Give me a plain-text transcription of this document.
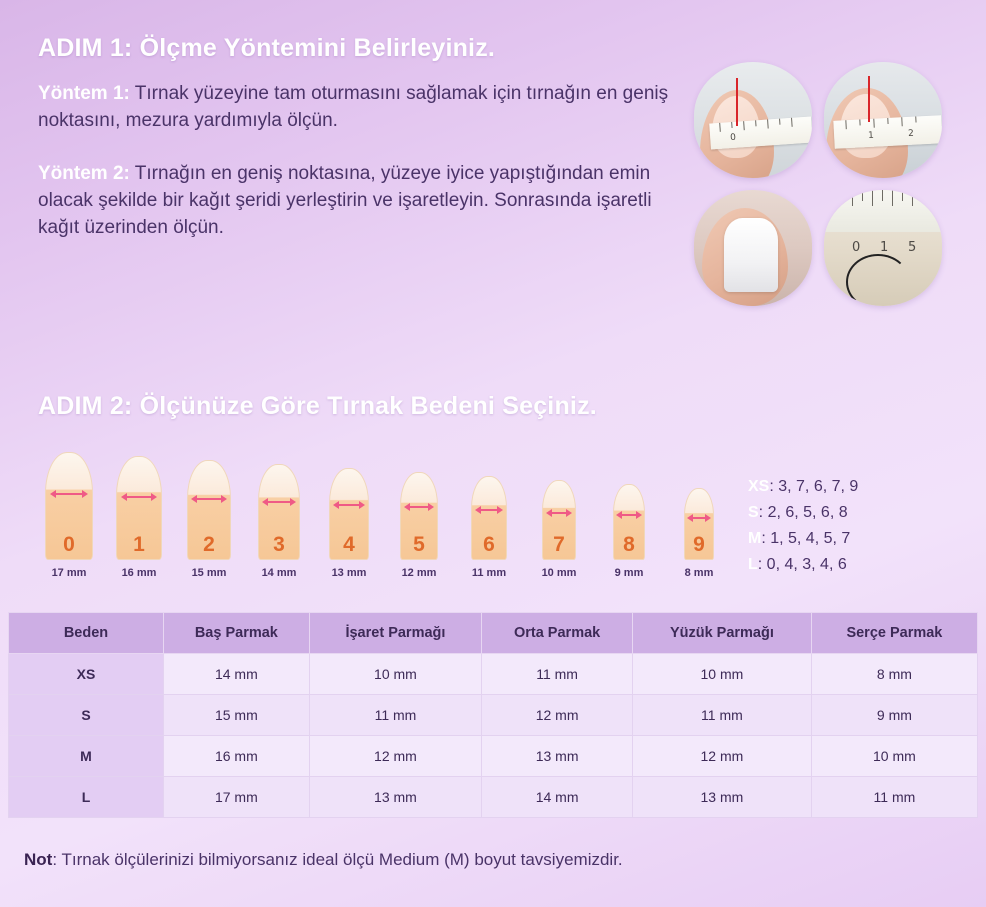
ADIM 1: Ölçme Yöntemini Belirleyiniz.

Yöntem 1: Tırnak yüzeyine tam oturmasını sağlamak için tırnağın en geniş noktasını, mezura yardımıyla ölçün.

Yöntem 2: Tırnağın en geniş noktasına, yüzeye iyice yapıştığından emin olacak şekilde bir kağıt şeridi yerleştirin ve işaretleyin. Sonrasında işaretli kağıt üzerinden ölçün.

0	1	2
0 1 5
ADIM 2: Ölçünüze Göre Tırnak Bedeni Seçiniz.
0
17 mm
1
16 mm
2
15 mm
3
14 mm
4
13 mm
5
12 mm
6
11 mm
7
10 mm
8
9 mm
9
8 mm
XS: 3, 7, 6, 7, 9
S: 2, 6, 5, 6, 8
M: 1, 5, 4, 5, 7
L: 0, 4, 3, 4, 6
Beden	Baş Parmak	İşaret Parmağı	Orta Parmak	Yüzük Parmağı	Serçe Parmak
XS	14 mm	10 mm	11 mm	10 mm	8 mm
S	15 mm	11 mm	12 mm	11 mm	9 mm
M	16 mm	12 mm	13 mm	12 mm	10 mm
L	17 mm	13 mm	14 mm	13 mm	11 mm
Not: Tırnak ölçülerinizi bilmiyorsanız ideal ölçü Medium (M) boyut tavsiyemizdir.
